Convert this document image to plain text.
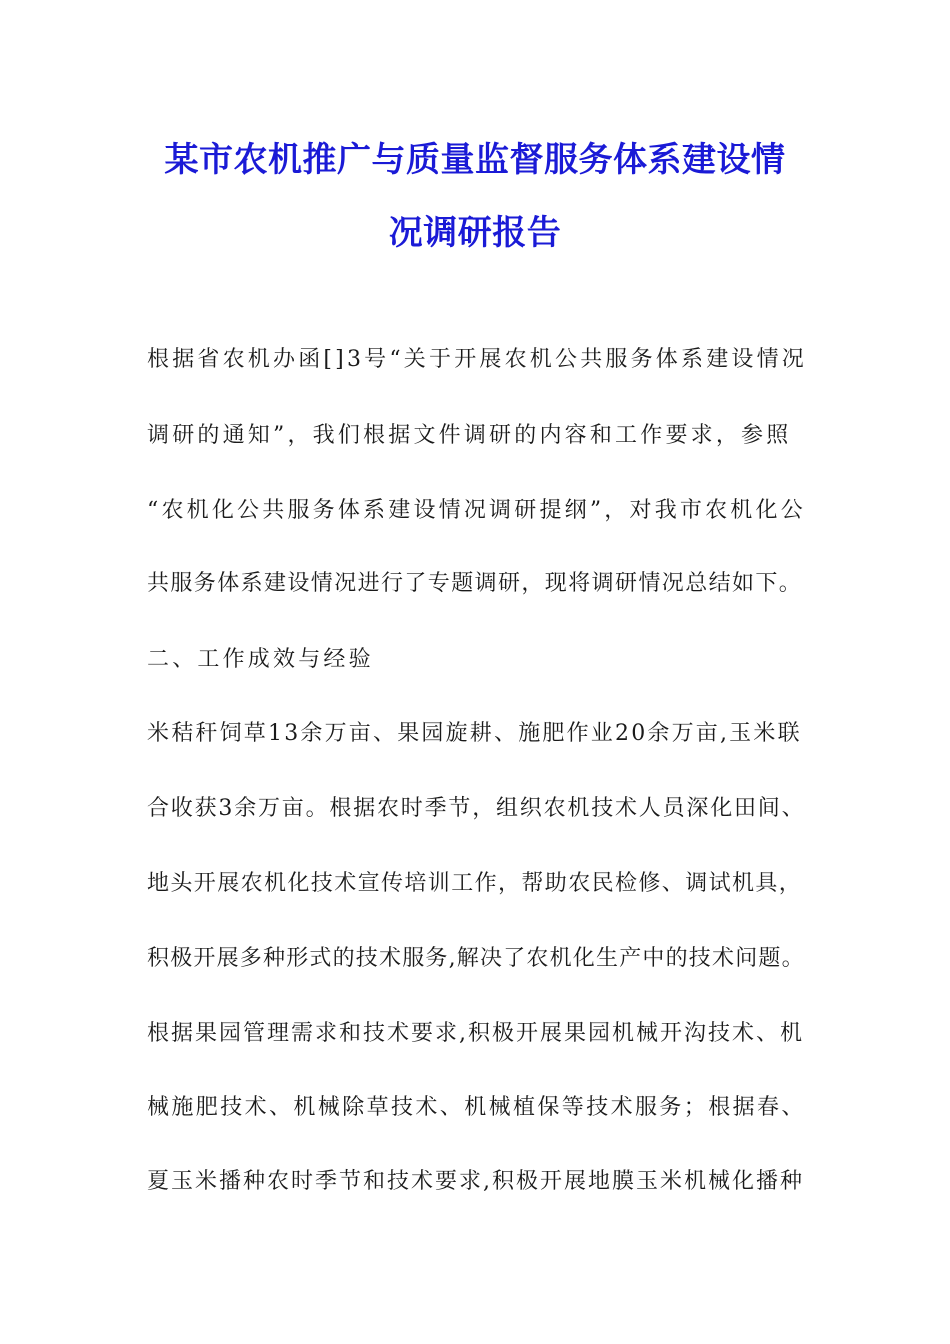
某市农机推广与质量监督服务体系建设情
况调研报告
根据省农机办函[]3号“关于开展农机公共服务体系建设情况
调研的通知”，我们根据文件调研的内容和工作要求，参照
“农机化公共服务体系建设情况调研提纲”，对我市农机化公
共服务体系建设情况进行了专题调研，现将调研情况总结如下。
二、工作成效与经验
米秸秆饲草13余万亩、果园旋耕、施肥作业20余万亩,玉米联
合收获3余万亩。根据农时季节，组织农机技术人员深化田间、
地头开展农机化技术宣传培训工作，帮助农民检修、调试机具，
积极开展多种形式的技术服务,解决了农机化生产中的技术问题。
根据果园管理需求和技术要求,积极开展果园机械开沟技术、机
械施肥技术、机械除草技术、机械植保等技术服务；根据春、
夏玉米播种农时季节和技术要求,积极开展地膜玉米机械化播种
